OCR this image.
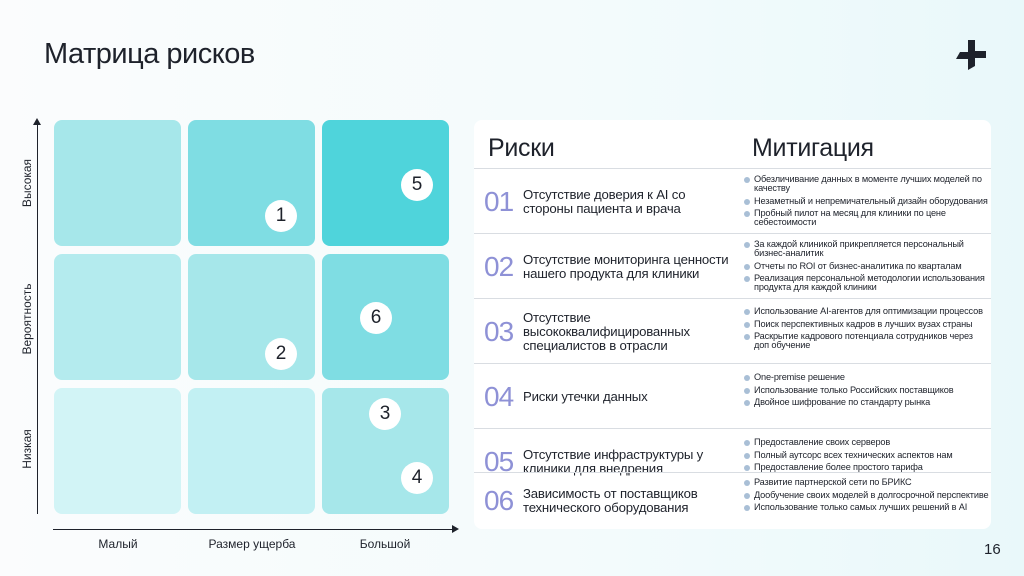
Матрица рисков
Высокая
Вероятность
Низкая
Малый	Размер ущерба	Большой
1
2
3
4
5
6
Риски	Митигация
01 Отсутствие доверия к AI со стороны пациента и врача
Обезличивание данных в моменте лучших моделей по качеству
Незаметный и непремичательный дизайн оборудования
Пробный пилот на месяц для клиники по цене себестоимости
02 Отсутствие мониторинга ценности нашего продукта для клиники
За каждой клиникой прикрепляется персональный бизнес-аналитик
Отчеты по ROI от бизнес-аналитика по кварталам
Реализация персональной методологии использования продукта для каждой клиники
03 Отсутствие высококвалифицированных специалистов в отрасли
Использование AI-агентов для оптимизации процессов
Поиск перспективных кадров в лучших вузах страны
Раскрытие кадрового потенциала сотрудников через доп обучение
04 Риски утечки данных
One-premise решение
Использование только Российских поставщиков
Двойное шифрование по стандарту рынка
05 Отсутствие инфраструктуры у клиники для внедрения
Предоставление своих серверов
Полный аутсорс всех технических аспектов нам
Предоставление более простого тарифа
06 Зависимость от поставщиков технического оборудования
Развитие партнерской сети по БРИКС
Дообучение своих моделей в долгосрочной перспективе
Использование только самых лучших решений в AI
16
